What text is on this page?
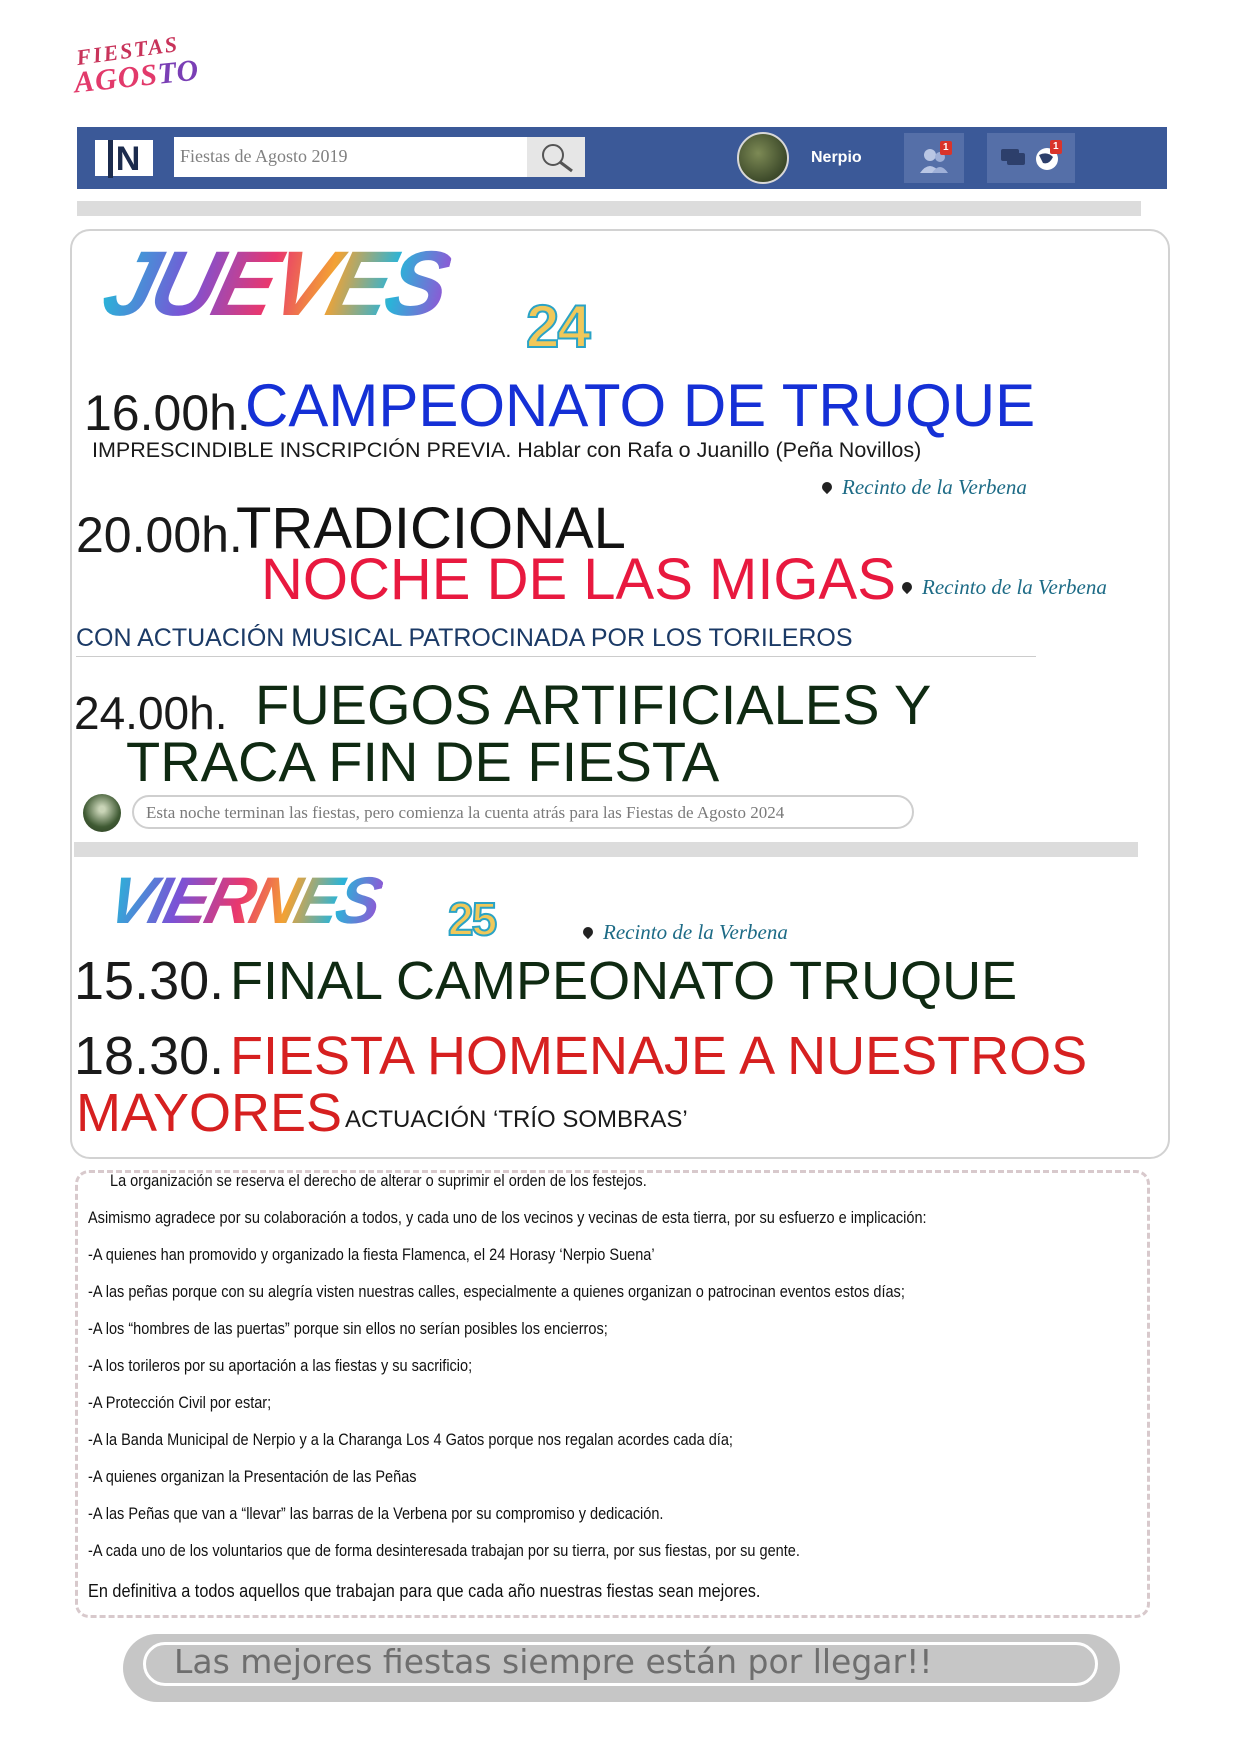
FIESTAS
AGOSTO
N
Fiestas de Agosto 2019	Nerpio
1	1
JUEVES 24
16.00h.
CAMPEONATO DE TRUQUE
IMPRESCINDIBLE INSCRIPCIÓN PREVIA. Hablar con Rafa o Juanillo (Peña Novillos)
Recinto de la Verbena
20.00h.
TRADICIONAL
NOCHE DE LAS MIGAS	Recinto de la Verbena
CON ACTUACIÓN MUSICAL PATROCINADA POR LOS TORILEROS
24.00h. FUEGOS ARTIFICIALES Y
TRACA FIN DE FIESTA
Esta noche terminan las fiestas, pero comienza la cuenta atrás para las Fiestas de Agosto 2024
VIERNES 25	Recinto de la Verbena
15.30. FINAL CAMPEONATO TRUQUE
18.30. FIESTA HOMENAJE A NUESTROS
MAYORES ACTUACIÓN ‘TRÍO SOMBRAS’
La organización se reserva el derecho de alterar o suprimir el orden de los festejos.
Asimismo agradece por su colaboración a todos, y cada uno de los vecinos y vecinas de esta tierra, por su esfuerzo e implicación:
-A quienes han promovido y organizado la fiesta Flamenca, el 24 Horasy ‘Nerpio Suena’
-A las peñas porque con su alegría visten nuestras calles, especialmente a quienes organizan o patrocinan eventos estos días;
-A los “hombres de las puertas” porque sin ellos no serían posibles los encierros;
-A los torileros por su aportación a las fiestas y su sacrificio;
-A Protección Civil por estar;
-A la Banda Municipal de Nerpio y a la Charanga Los 4 Gatos porque nos regalan acordes cada día;
-A quienes organizan la Presentación de las Peñas
-A las Peñas que van a “llevar” las barras de la Verbena por su compromiso y dedicación.
-A cada uno de los voluntarios que de forma desinteresada trabajan por su tierra, por sus fiestas, por su gente.
En definitiva a todos aquellos que trabajan para que cada año nuestras fiestas sean mejores.
Las mejores fiestas siempre están por llegar!!
